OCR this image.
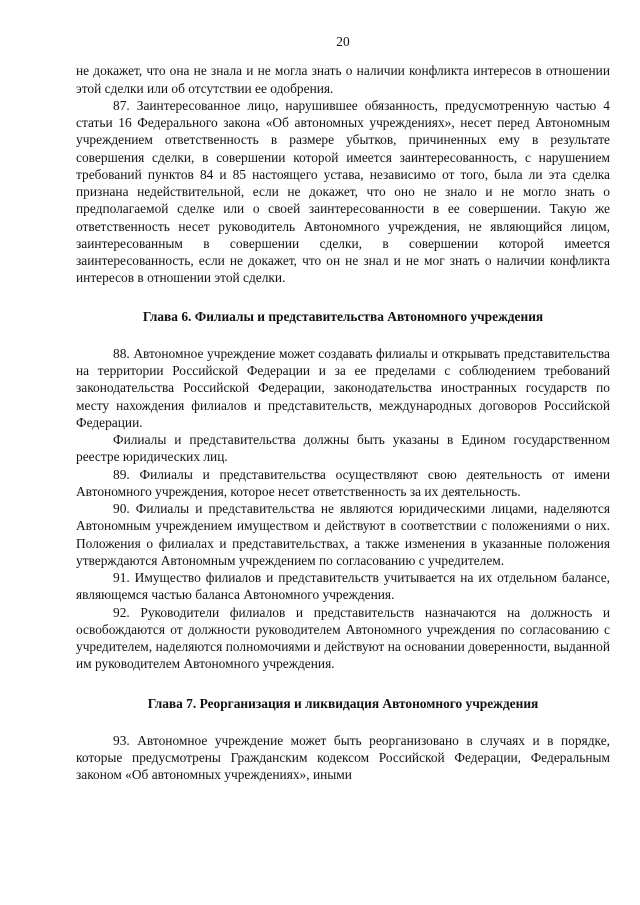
20

не докажет, что она не знала и не могла знать о наличии конфликта интересов в отношении этой сделки или об отсутствии ее одобрения.

87. Заинтересованное лицо, нарушившее обязанность, предусмотренную частью 4 статьи 16 Федерального закона «Об автономных учреждениях», несет перед Автономным учреждением ответственность в размере убытков, причиненных ему в результате совершения сделки, в совершении которой имеется заинтересованность, с нарушением требований пунктов 84 и 85 настоящего устава, независимо от того, была ли эта сделка признана недействительной, если не докажет, что оно не знало и не могло знать о предполагаемой сделке или о своей заинтересованности в ее совершении. Такую же ответственность несет руководитель Автономного учреждения, не являющийся лицом, заинтересованным в совершении сделки, в совершении которой имеется заинтересованность, если не докажет, что он не знал и не мог знать о наличии конфликта интересов в отношении этой сделки.

Глава 6. Филиалы и представительства Автономного учреждения

88. Автономное учреждение может создавать филиалы и открывать представительства на территории Российской Федерации и за ее пределами с соблюдением требований законодательства Российской Федерации, законодательства иностранных государств по месту нахождения филиалов и представительств, международных договоров Российской Федерации.

Филиалы и представительства должны быть указаны в Едином государственном реестре юридических лиц.

89. Филиалы и представительства осуществляют свою деятельность от имени Автономного учреждения, которое несет ответственность за их деятельность.

90. Филиалы и представительства не являются юридическими лицами, наделяются Автономным учреждением имуществом и действуют в соответствии с положениями о них. Положения о филиалах и представительствах, а также изменения в указанные положения утверждаются Автономным учреждением по согласованию с учредителем.

91. Имущество филиалов и представительств учитывается на их отдельном балансе, являющемся частью баланса Автономного учреждения.

92. Руководители филиалов и представительств назначаются на должность и освобождаются от должности руководителем Автономного учреждения по согласованию с учредителем, наделяются полномочиями и действуют на основании доверенности, выданной им руководителем Автономного учреждения.

Глава 7. Реорганизация и ликвидация Автономного учреждения

93. Автономное учреждение может быть реорганизовано в случаях и в порядке, которые предусмотрены Гражданским кодексом Российской Федерации, Федеральным законом «Об автономных учреждениях», иными
